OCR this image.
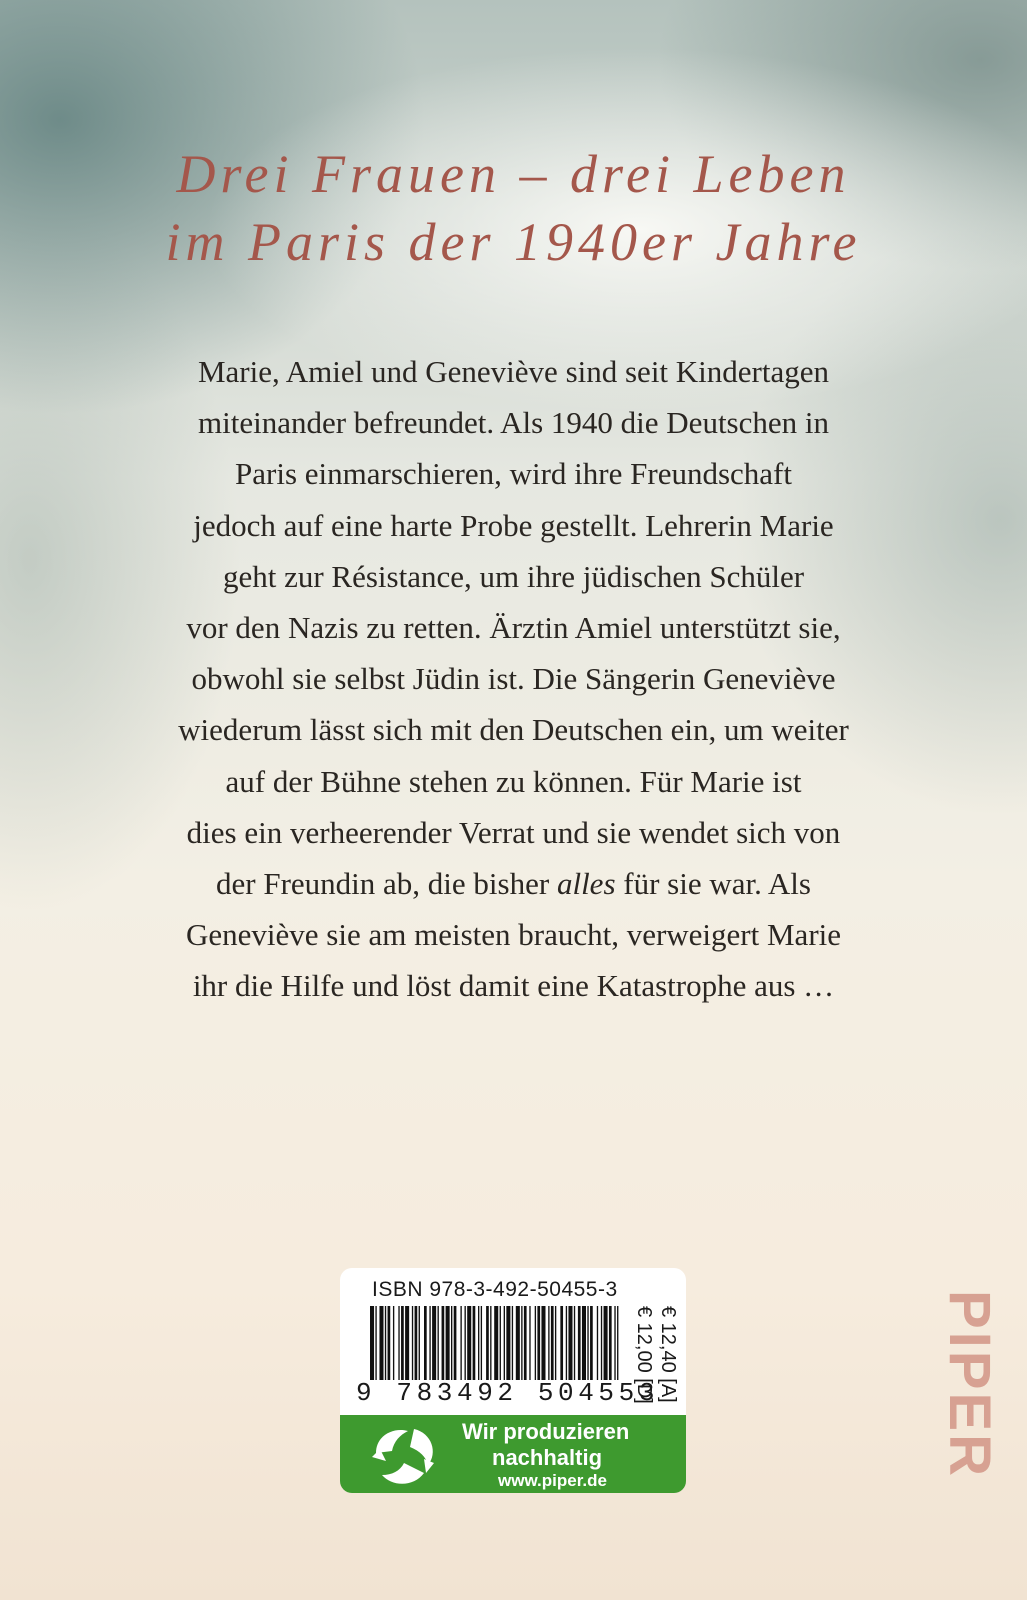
Drei Frauen – drei Leben
im Paris der 1940er Jahre
Marie, Amiel und Geneviève sind seit Kindertagen
miteinander befreundet. Als 1940 die Deutschen in
Paris einmarschieren, wird ihre Freundschaft
jedoch auf eine harte Probe gestellt. Lehrerin Marie
geht zur Résistance, um ihre jüdischen Schüler
vor den Nazis zu retten. Ärztin Amiel unterstützt sie,
obwohl sie selbst Jüdin ist. Die Sängerin Geneviève
wiederum lässt sich mit den Deutschen ein, um weiter
auf der Bühne stehen zu können. Für Marie ist
dies ein verheerender Verrat und sie wendet sich von
der Freundin ab, die bisher alles für sie war. Als
Geneviève sie am meisten braucht, verweigert Marie
ihr die Hilfe und löst damit eine Katastrophe aus …
ISBN 978-3-492-50455-3
9 783492 504553
€ 12,00 [D] € 12,40 [A]
Wir produzieren
nachhaltig
www.piper.de
PIPER
